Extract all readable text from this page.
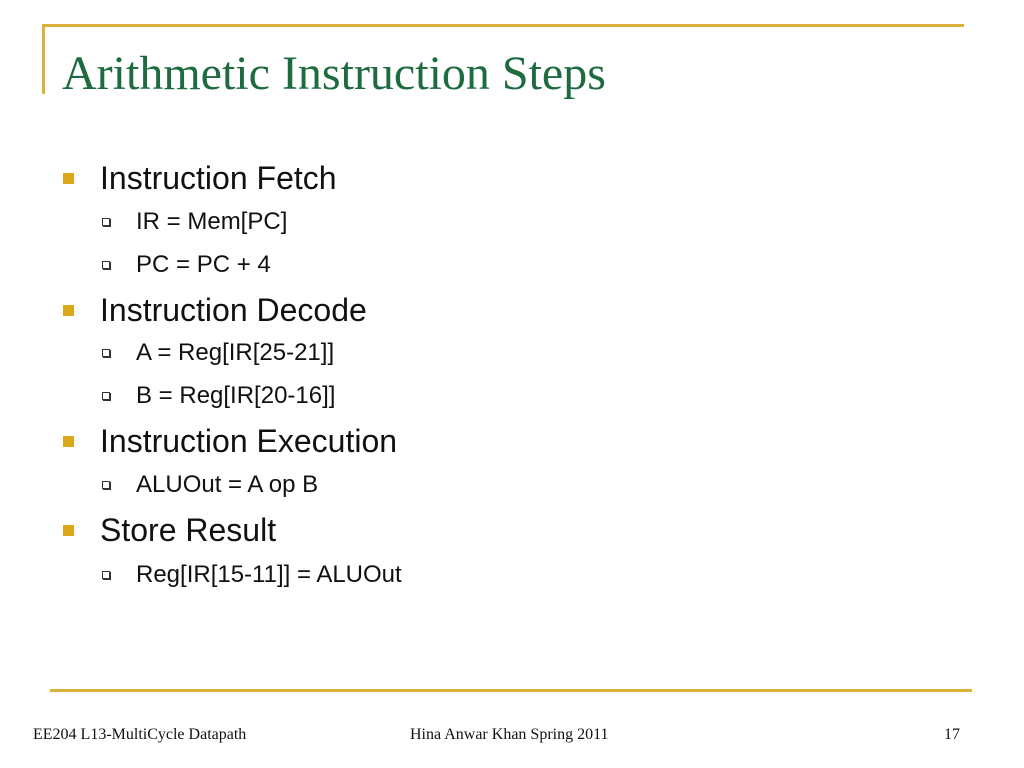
Arithmetic Instruction Steps
Instruction Fetch
IR = Mem[PC]
PC = PC + 4
Instruction Decode
A = Reg[IR[25-21]]
B = Reg[IR[20-16]]
Instruction Execution
ALUOut = A op B
Store Result
Reg[IR[15-11]] = ALUOut

EE204 L13-MultiCycle Datapath	Hina Anwar Khan Spring 2011	17
